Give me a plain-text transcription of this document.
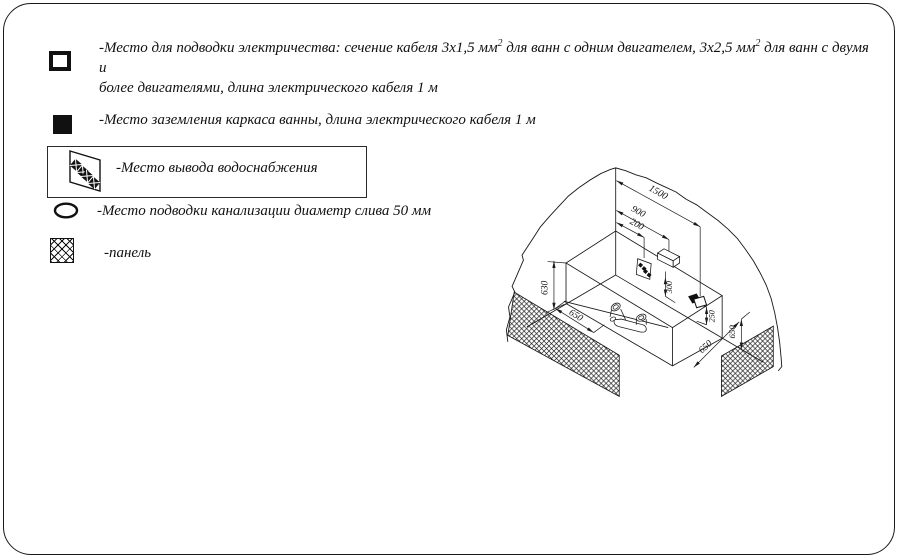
-Место для подводки электричества: сечение кабеля 3х1,5 $мм^2$ для ванн с одним двигателем, 3х2,5 $мм^2$ для ванн с двумя и
более двигателями, длина электрического кабеля 1 м
-Место заземления каркаса ванны, длина электрического кабеля 1 м
-Место вывода водоснабжения
-Место подводки канализации диаметр слива 50 мм
-панель
1500
900
200
630
650
300
250
650
650
